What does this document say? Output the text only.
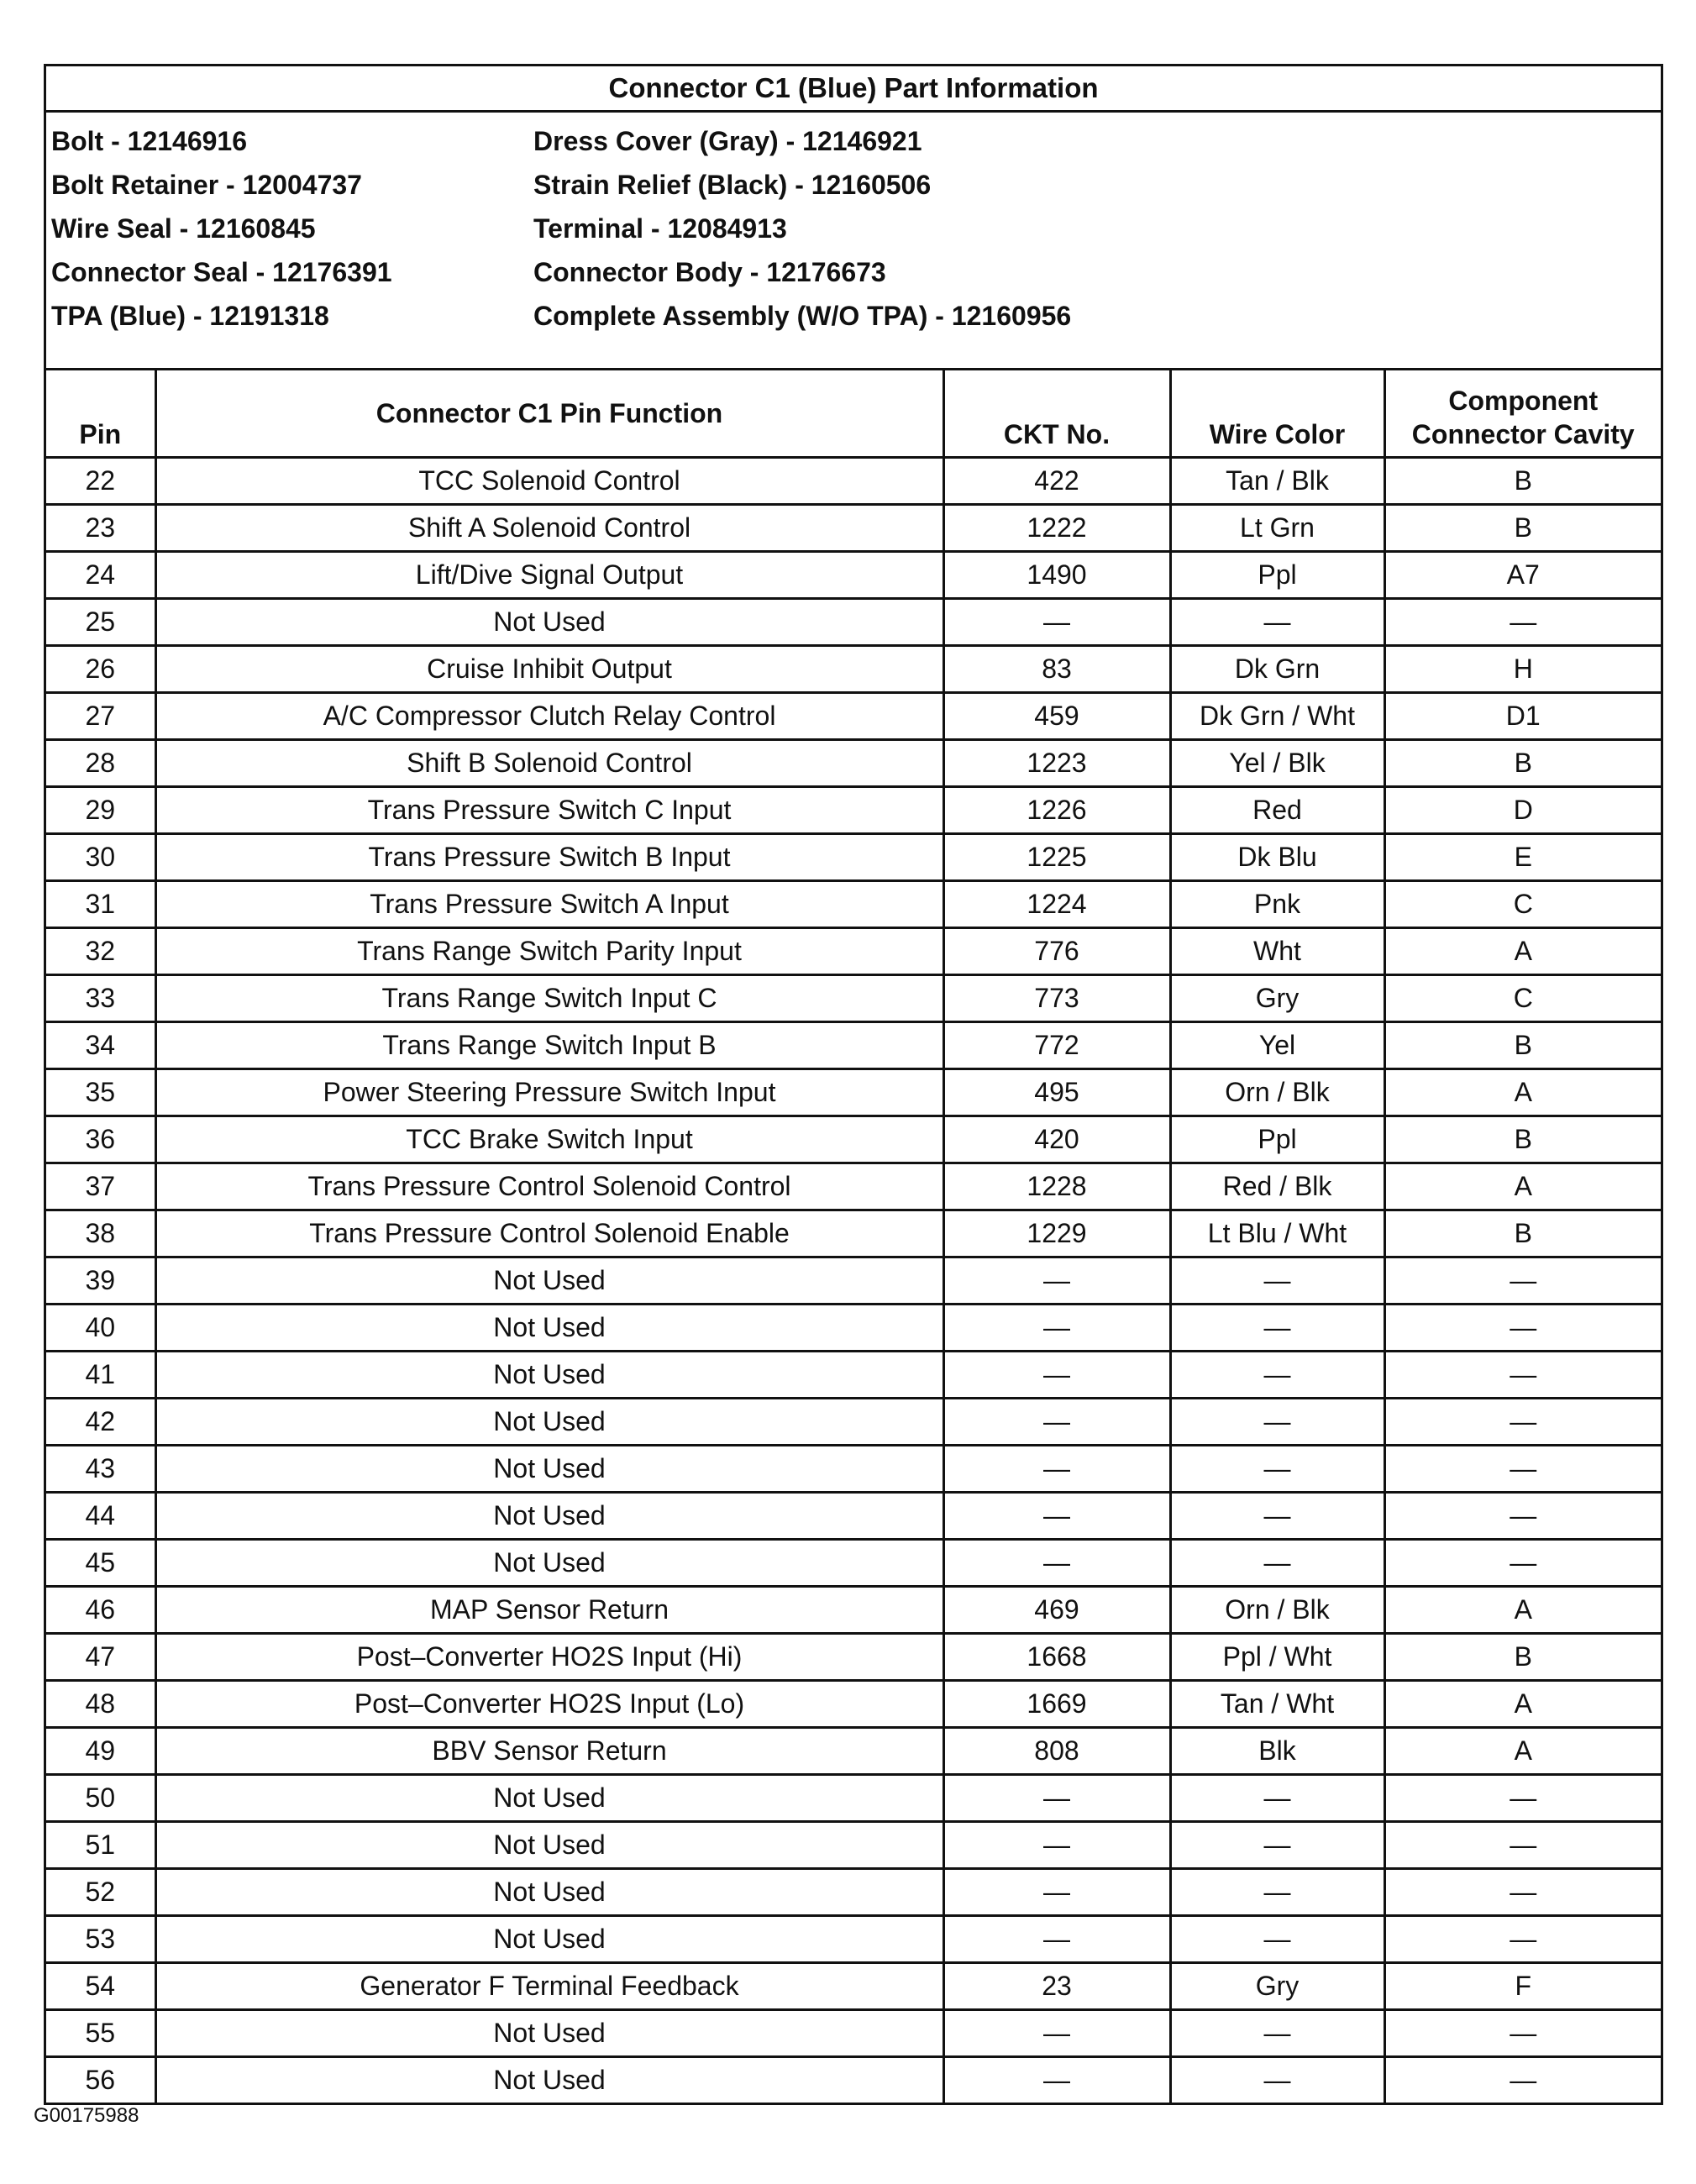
Connector C1 (Blue) Part Information
Bolt - 12146916
Bolt Retainer - 12004737
Wire Seal - 12160845
Connector Seal - 12176391
TPA (Blue) - 12191318
Dress Cover (Gray) - 12146921
Strain Relief (Black) - 12160506
Terminal - 12084913
Connector Body - 12176673
Complete Assembly (W/O TPA) - 12160956
Pin	Connector C1 Pin Function	CKT No.	Wire Color	Component
Connector Cavity

22	TCC Solenoid Control	422	Tan / Blk	B
23	Shift A Solenoid Control	1222	Lt Grn	B
24	Lift/Dive Signal Output	1490	Ppl	A7
25	Not Used	—	—	—
26	Cruise Inhibit Output	83	Dk Grn	H
27	A/C Compressor Clutch Relay Control	459	Dk Grn / Wht	D1
28	Shift B Solenoid Control	1223	Yel / Blk	B
29	Trans Pressure Switch C Input	1226	Red	D
30	Trans Pressure Switch B Input	1225	Dk Blu	E
31	Trans Pressure Switch A Input	1224	Pnk	C
32	Trans Range Switch Parity Input	776	Wht	A
33	Trans Range Switch Input C	773	Gry	C
34	Trans Range Switch Input B	772	Yel	B
35	Power Steering Pressure Switch Input	495	Orn / Blk	A
36	TCC Brake Switch Input	420	Ppl	B
37	Trans Pressure Control Solenoid Control	1228	Red / Blk	A
38	Trans Pressure Control Solenoid Enable	1229	Lt Blu / Wht	B
39	Not Used	—	—	—
40	Not Used	—	—	—
41	Not Used	—	—	—
42	Not Used	—	—	—
43	Not Used	—	—	—
44	Not Used	—	—	—
45	Not Used	—	—	—
46	MAP Sensor Return	469	Orn / Blk	A
47	Post–Converter HO2S Input (Hi)	1668	Ppl / Wht	B
48	Post–Converter HO2S Input (Lo)	1669	Tan / Wht	A
49	BBV Sensor Return	808	Blk	A
50	Not Used	—	—	—
51	Not Used	—	—	—
52	Not Used	—	—	—
53	Not Used	—	—	—
54	Generator F Terminal Feedback	23	Gry	F
55	Not Used	—	—	—
56	Not Used	—	—	—
G00175988
